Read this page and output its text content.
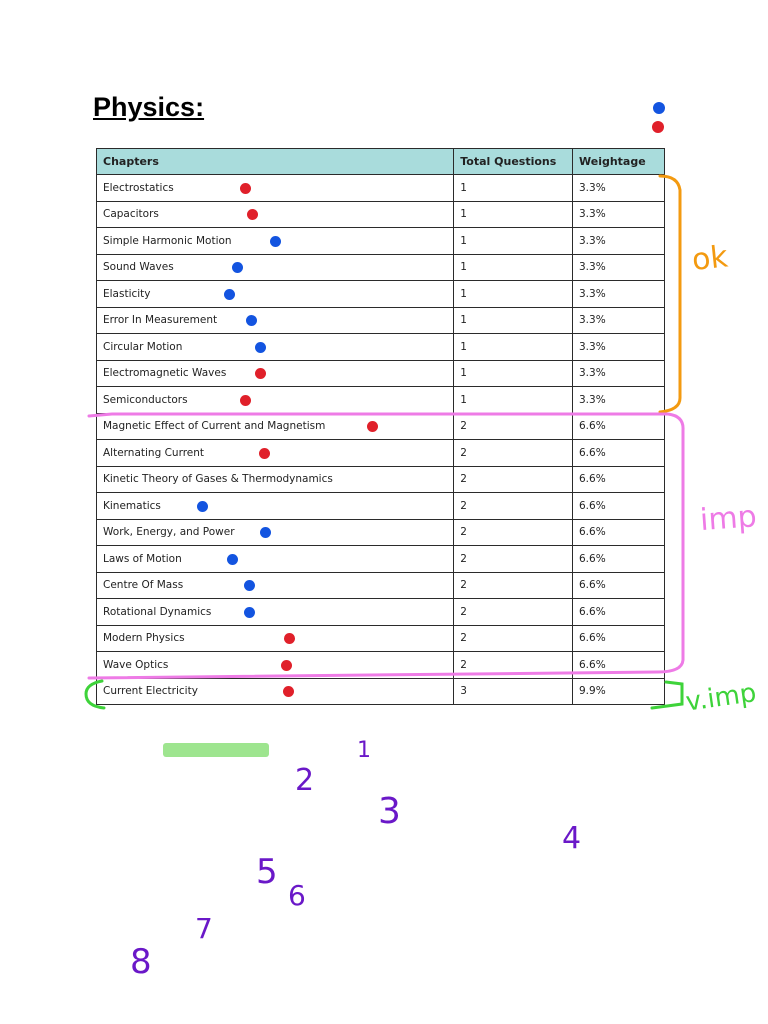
Physics:
Chapters	Total Questions	Weightage
Electrostatics	1	3.3%
Capacitors	1	3.3%
Simple Harmonic Motion	1	3.3%
Sound Waves	1	3.3%
Elasticity	1	3.3%
Error In Measurement	1	3.3%
Circular Motion	1	3.3%
Electromagnetic Waves	1	3.3%
Semiconductors	1	3.3%
Magnetic Effect of Current and Magnetism	2	6.6%
Alternating Current	2	6.6%
Kinetic Theory of Gases & Thermodynamics	2	6.6%
Kinematics	2	6.6%
Work, Energy, and Power	2	6.6%
Laws of Motion	2	6.6%
Centre Of Mass	2	6.6%
Rotational Dynamics	2	6.6%
Modern Physics	2	6.6%
Wave Optics	2	6.6%
Current Electricity	3	9.9%
ok
imp
v.imp
1
2
3
4
5
6
7
8
